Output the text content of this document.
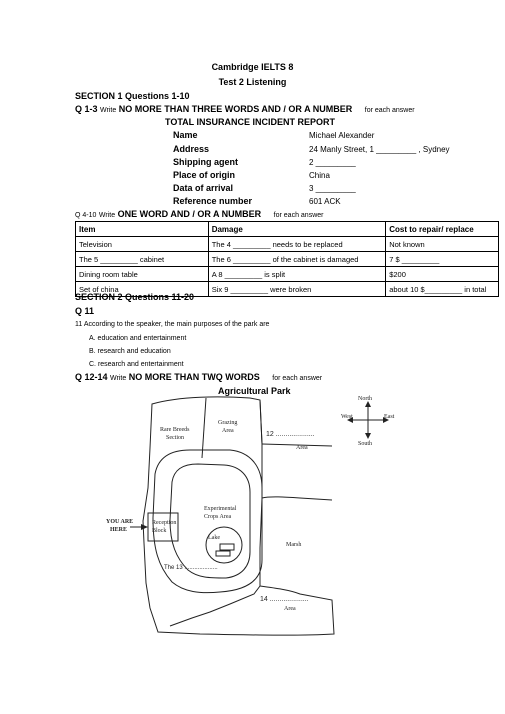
Cambridge IELTS 8
Test 2 Listening
SECTION 1 Questions 1-10
Q 1-3 Write NO MORE THAN THREE WORDS AND / OR A NUMBER for each answer
TOTAL INSURANCE INCIDENT REPORT
Name	Michael Alexander
Address	24 Manly Street, 1 _________ , Sydney
Shipping agent	2 _________
Place of origin	China
Data of arrival	3 _________
Reference number	601 ACK
Q 4-10 Write ONE WORD AND / OR A NUMBER for each answer
Item	Damage	Cost to repair/ replace
Television	The 4 _________ needs to be replaced	Not known
The 5 _________ cabinet	The 6 _________ of the cabinet is damaged	7 $ _________
Dining room table	A 8 _________ is split	$200
Set of china	Six 9 _________ were broken	about 10 $_________ in total
SECTION 2 Questions 11-20
Q 11
11 According to the speaker, the main purposes of the park are
A. education and entertainment
B. research and education
C. research and entertainment
Q 12-14 Write NO MORE THAN TWQ WORDS for each answer
Agricultural Park
Rare Breeds
Section
Grazing
Area	12 ....................
Area
Experimental
Crops Area
YOU ARE
HERE
Reception
Block
Lake
Marsh
The 13 ....................
14 ....................
Area
North
South
East
West
